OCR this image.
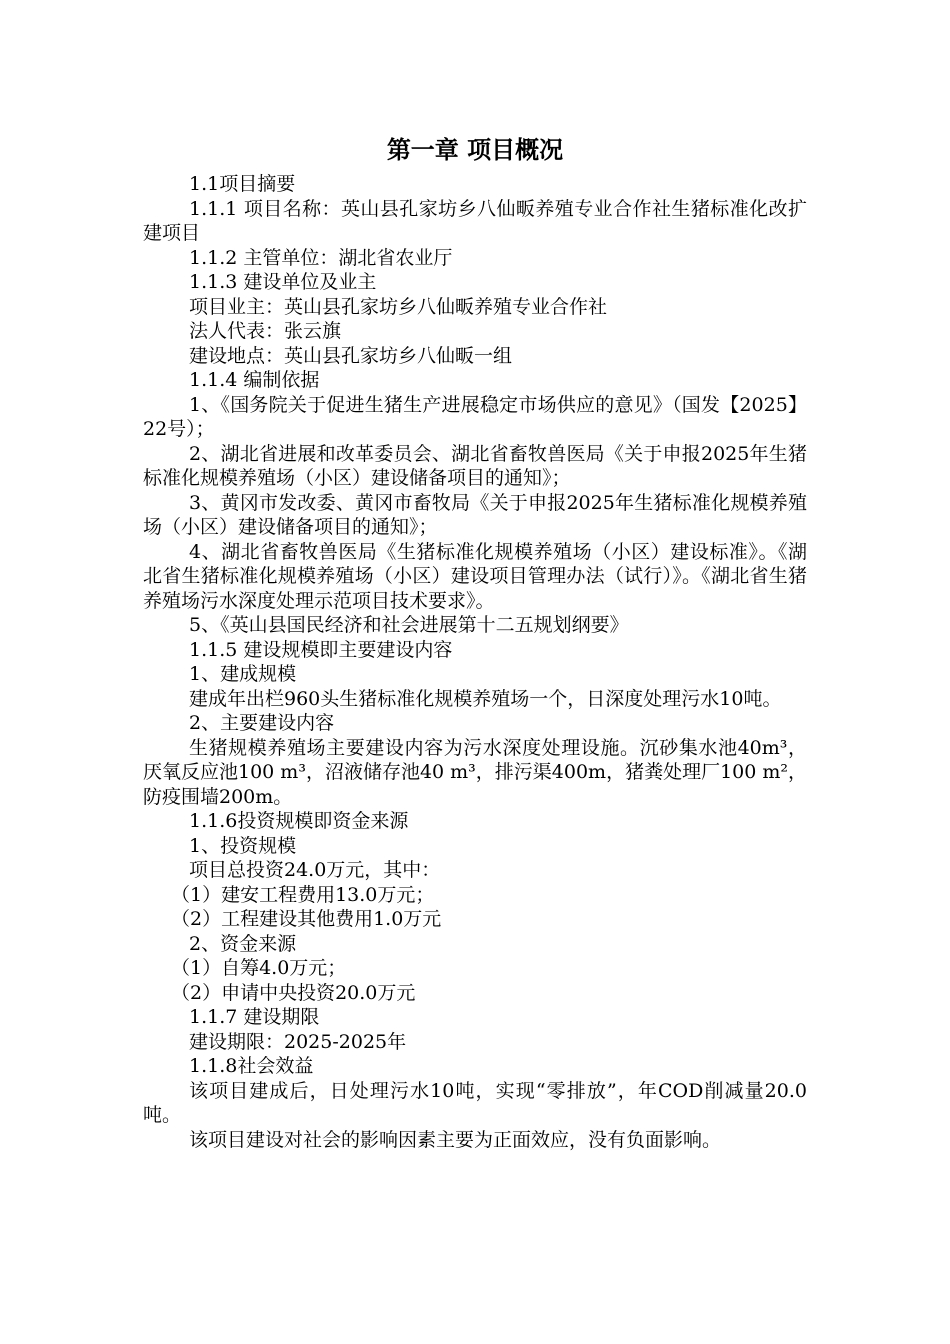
第一章 项目概况

1.1项目摘要

1.1.1 项目名称：英山县孔家坊乡八仙畈养殖专业合作社生猪标准化改扩建项目

1.1.2 主管单位：湖北省农业厅

1.1.3 建设单位及业主

项目业主：英山县孔家坊乡八仙畈养殖专业合作社

法人代表：张云旗

建设地点：英山县孔家坊乡八仙畈一组

1.1.4 编制依据

1、《国务院关于促进生猪生产进展稳定市场供应的意见》（国发【2025】22号）；

2、湖北省进展和改革委员会、湖北省畜牧兽医局《关于申报2025年生猪标准化规模养殖场（小区）建设储备项目的通知》；

3、黄冈市发改委、黄冈市畜牧局《关于申报2025年生猪标准化规模养殖场（小区）建设储备项目的通知》；

4、湖北省畜牧兽医局《生猪标准化规模养殖场（小区）建设标准》。《湖北省生猪标准化规模养殖场（小区）建设项目管理办法（试行）》。《湖北省生猪养殖场污水深度处理示范项目技术要求》。

5、《英山县国民经济和社会进展第十二五规划纲要》

1.1.5 建设规模即主要建设内容

1、建成规模

建成年出栏960头生猪标准化规模养殖场一个，日深度处理污水10吨。

2、主要建设内容

生猪规模养殖场主要建设内容为污水深度处理设施。沉砂集水池40m³，厌氧反应池100 m³，沼液储存池40 m³，排污渠400m，猪粪处理厂100 m²，防疫围墙200m。

1.1.6投资规模即资金来源

1、投资规模

项目总投资24.0万元，其中：

（1）建安工程费用13.0万元；

（2）工程建设其他费用1.0万元

2、资金来源

（1）自筹4.0万元；

（2）申请中央投资20.0万元

1.1.7 建设期限

建设期限：2025-2025年

1.1.8社会效益

该项目建成后，日处理污水10吨，实现“零排放”，年COD削减量20.0吨。

该项目建设对社会的影响因素主要为正面效应，没有负面影响。
